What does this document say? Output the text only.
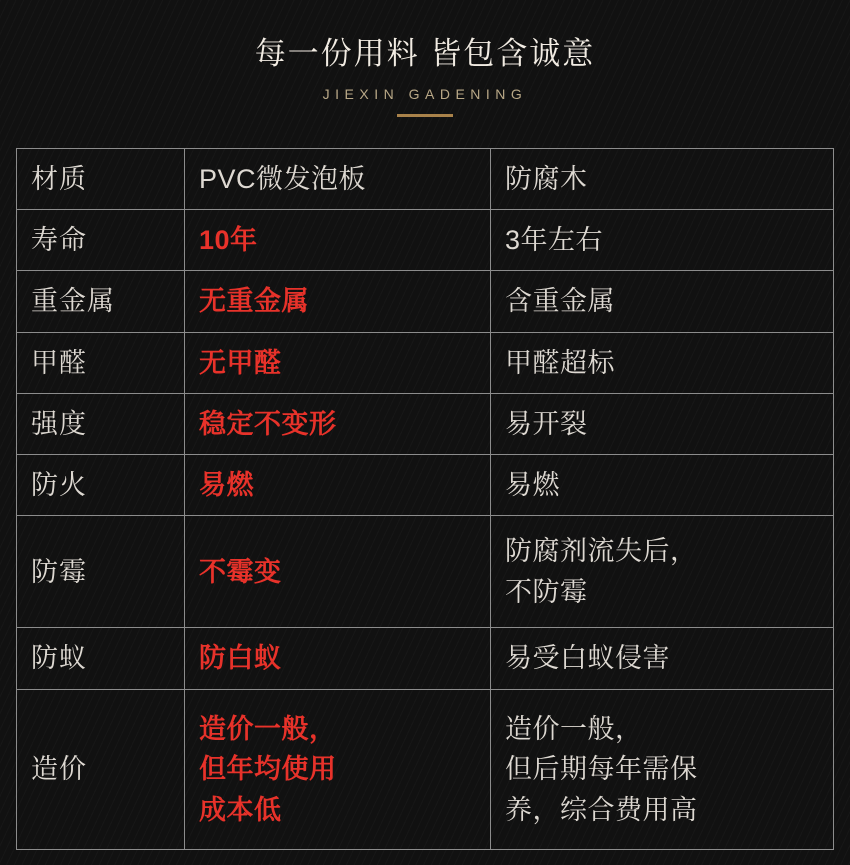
每一份用料 皆包含诚意
JIEXIN GADENING
材质	PVC微发泡板	防腐木

寿命	10年	3年左右

重金属	无重金属	含重金属

甲醛	无甲醛	甲醛超标

强度	稳定不变形	易开裂

防火	易燃	易燃

防霉	不霉变	防腐剂流失后，
不防霉

防蚁	防白蚁	易受白蚁侵害

造价	造价一般，
但年均使用
成本低	造价一般，
但后期每年需保
养，综合费用高
